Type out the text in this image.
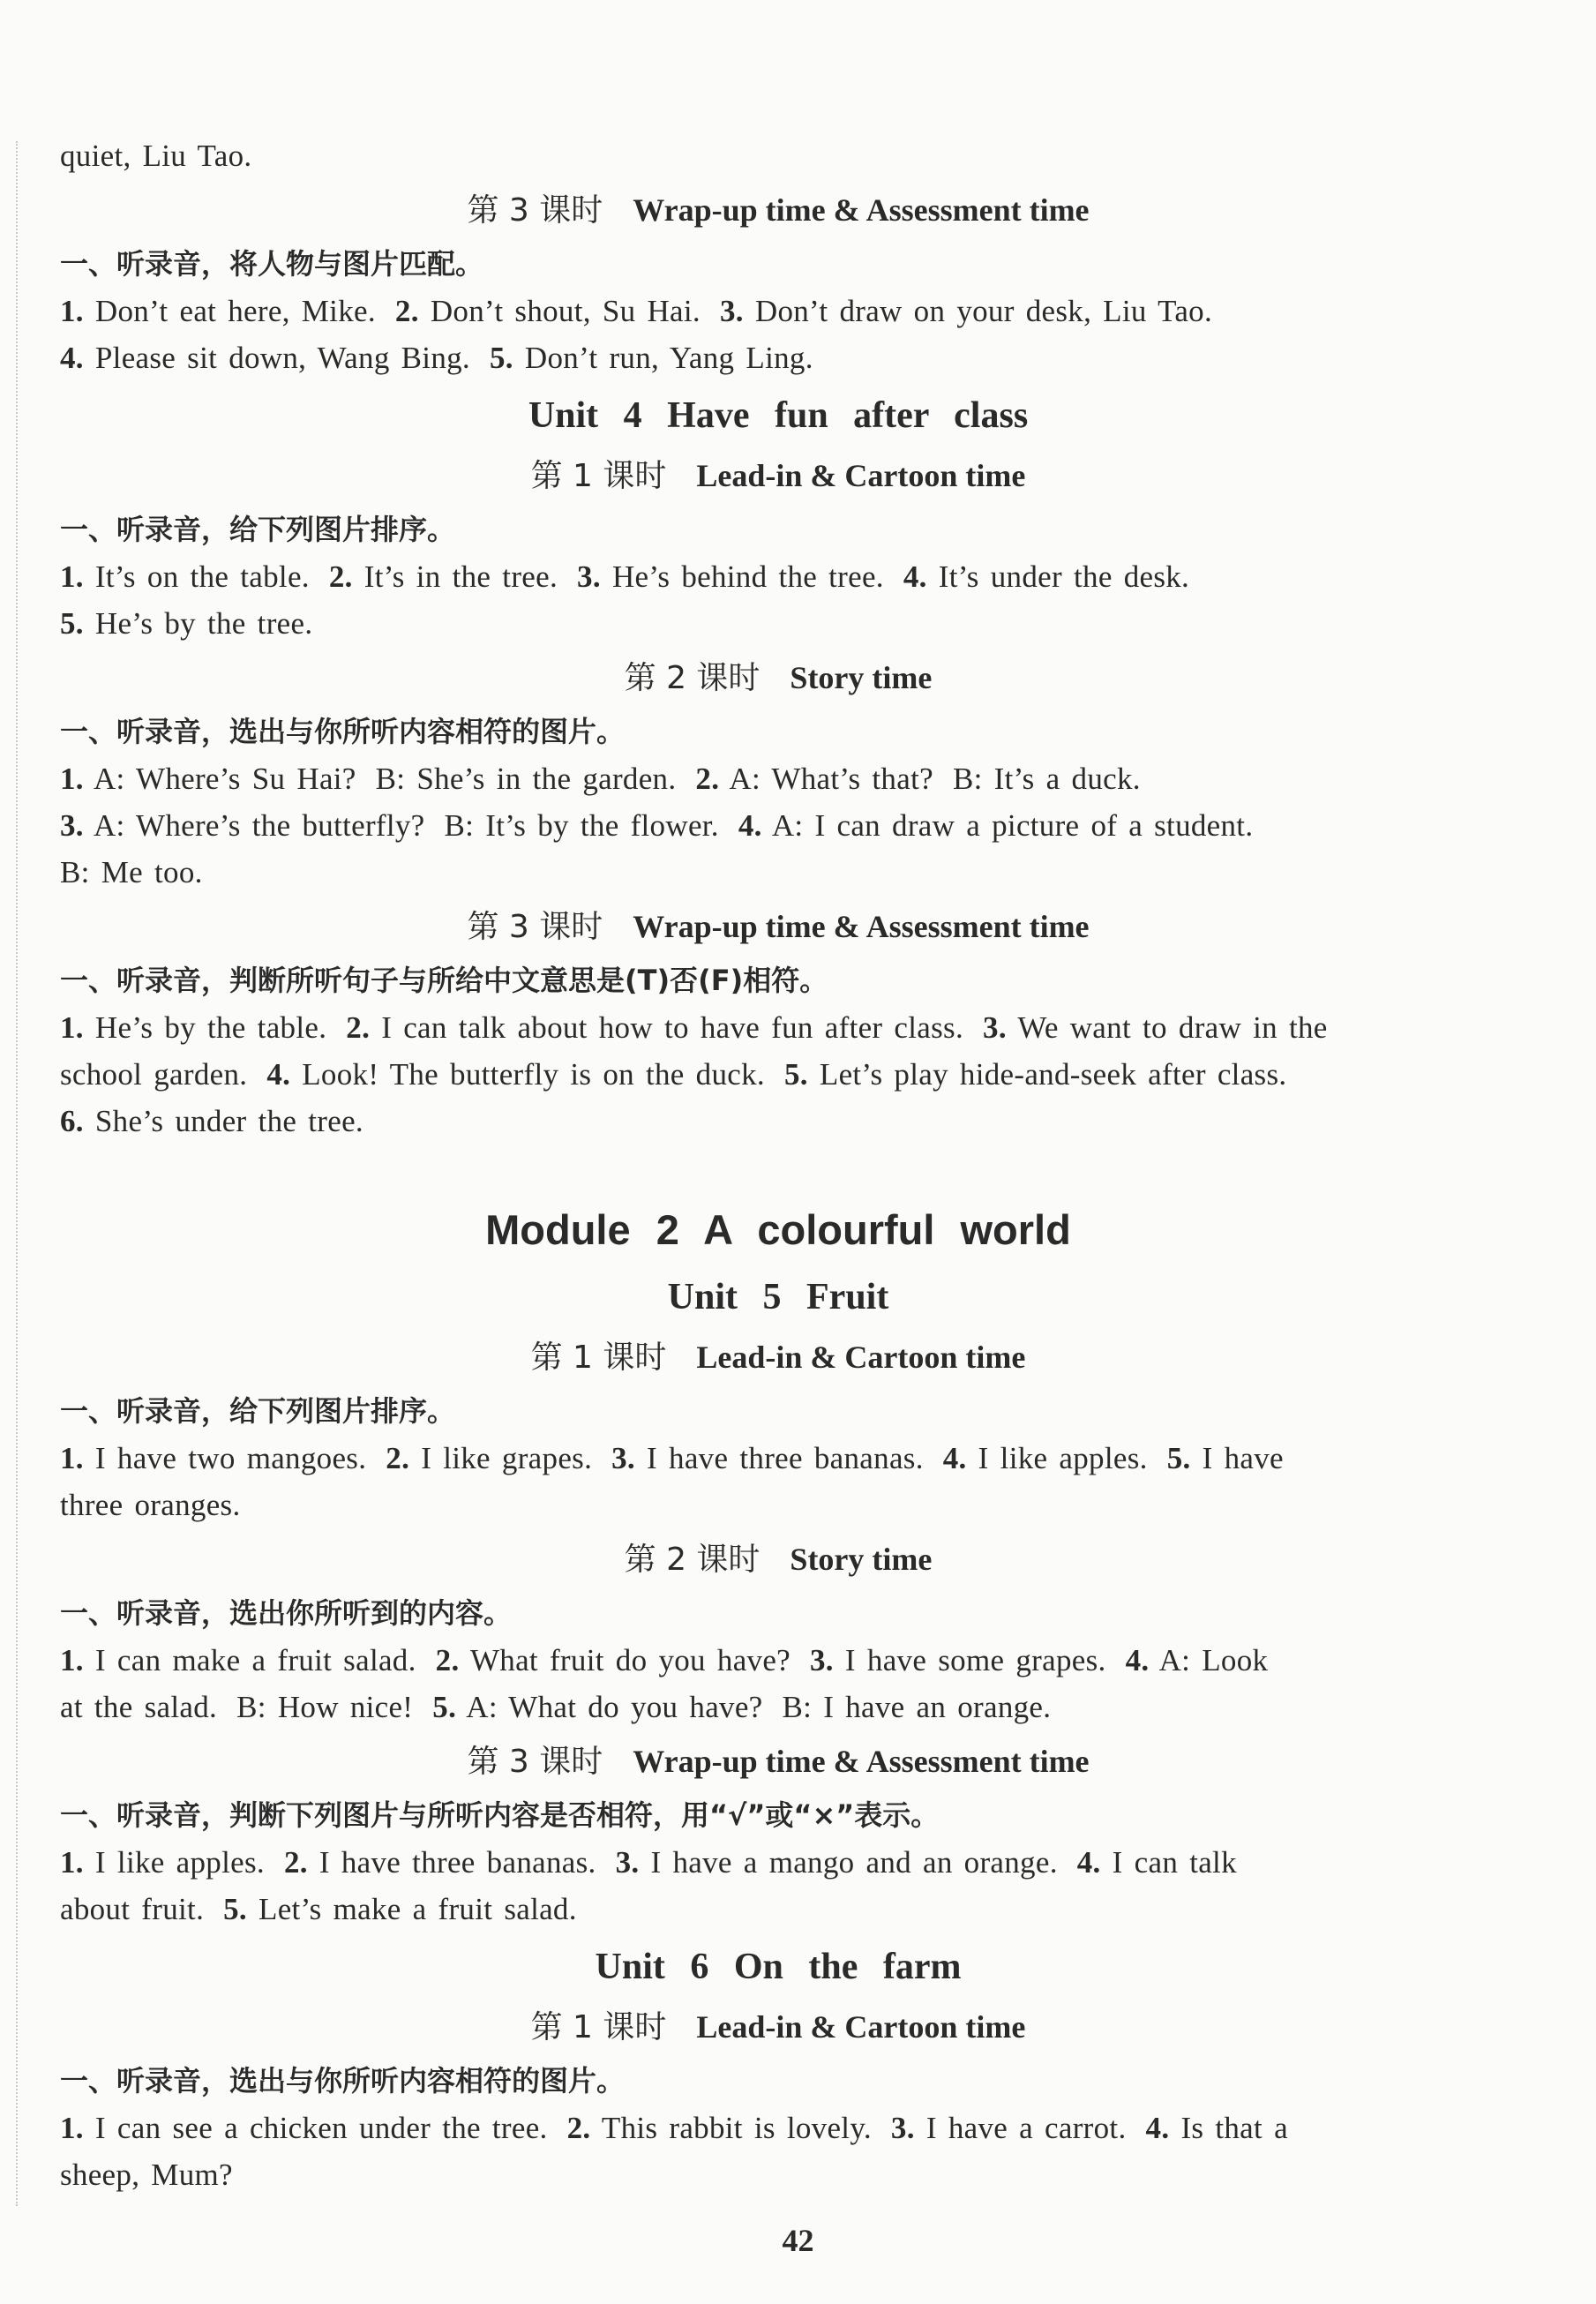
quiet, Liu Tao.

第 3 课时 Wrap-up time & Assessment time
一、听录音，将人物与图片匹配。

1. Don’t eat here, Mike. 2. Don’t shout, Su Hai. 3. Don’t draw on your desk, Liu Tao.

4. Please sit down, Wang Bing. 5. Don’t run, Yang Ling.

Unit 4 Have fun after class
第 1 课时 Lead-in & Cartoon time
一、听录音，给下列图片排序。

1. It’s on the table. 2. It’s in the tree. 3. He’s behind the tree. 4. It’s under the desk.

5. He’s by the tree.

第 2 课时 Story time
一、听录音，选出与你所听内容相符的图片。

1. A: Where’s Su Hai? B: She’s in the garden. 2. A: What’s that? B: It’s a duck.

3. A: Where’s the butterfly? B: It’s by the flower. 4. A: I can draw a picture of a student.

B: Me too.

第 3 课时 Wrap-up time & Assessment time
一、听录音，判断所听句子与所给中文意思是(T)否(F)相符。

1. He’s by the table. 2. I can talk about how to have fun after class. 3. We want to draw in the

school garden. 4. Look! The butterfly is on the duck. 5. Let’s play hide-and-seek after class.

6. She’s under the tree.

Module 2 A colourful world
Unit 5 Fruit
第 1 课时 Lead-in & Cartoon time
一、听录音，给下列图片排序。

1. I have two mangoes. 2. I like grapes. 3. I have three bananas. 4. I like apples. 5. I have

three oranges.

第 2 课时 Story time
一、听录音，选出你所听到的内容。

1. I can make a fruit salad. 2. What fruit do you have? 3. I have some grapes. 4. A: Look

at the salad. B: How nice! 5. A: What do you have? B: I have an orange.

第 3 课时 Wrap-up time & Assessment time
一、听录音，判断下列图片与所听内容是否相符，用“√”或“×”表示。

1. I like apples. 2. I have three bananas. 3. I have a mango and an orange. 4. I can talk

about fruit. 5. Let’s make a fruit salad.

Unit 6 On the farm
第 1 课时 Lead-in & Cartoon time
一、听录音，选出与你所听内容相符的图片。

1. I can see a chicken under the tree. 2. This rabbit is lovely. 3. I have a carrot. 4. Is that a

sheep, Mum?

42
